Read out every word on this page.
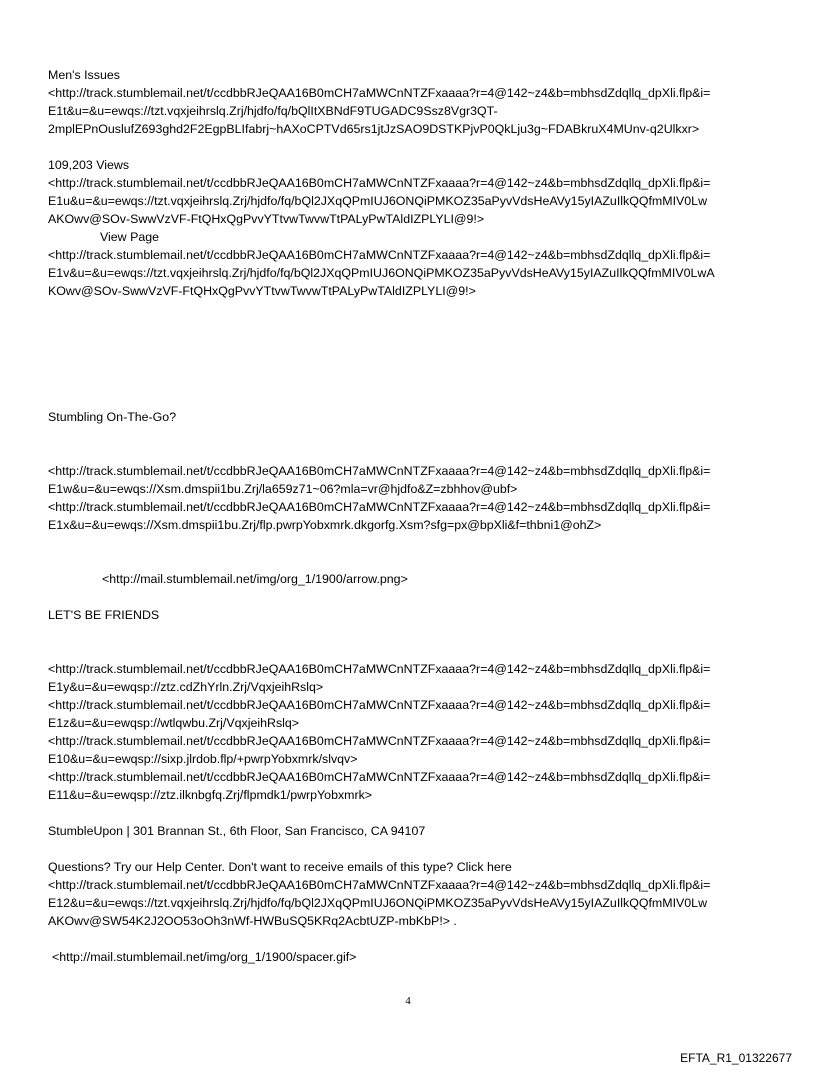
Men's Issues
<http://track.stumblemail.net/t/ccdbbRJeQAA16B0mCH7aMWCnNTZFxaaaa?r=4@142~z4&b=mbhsdZdqllq_dpXli.flp&i=
E1t&u=&u=ewqs://tzt.vqxjeihrslq.Zrj/hjdfo/fq/bQlItXBNdF9TUGADC9Ssz8Vgr3QT-
2mplEPnOuslufZ693ghd2F2EgpBLIfabrj~hAXoCPTVd65rs1jtJzSAO9DSTKPjvP0QkLju3g~FDABkruX4MUnv-q2Ulkxr>
109,203 Views
<http://track.stumblemail.net/t/ccdbbRJeQAA16B0mCH7aMWCnNTZFxaaaa?r=4@142~z4&b=mbhsdZdqllq_dpXli.flp&i=
E1u&u=&u=ewqs://tzt.vqxjeihrslq.Zrj/hjdfo/fq/bQl2JXqQPmIUJ6ONQiPMKOZ35aPyvVdsHeAVy15yIAZuIlkQQfmMIV0Lw
AKOwv@SOv-SwwVzVF-FtQHxQgPvvYTtvwTwvwTtPALyPwTAldIZPLYLI@9!>
View Page
<http://track.stumblemail.net/t/ccdbbRJeQAA16B0mCH7aMWCnNTZFxaaaa?r=4@142~z4&b=mbhsdZdqllq_dpXli.flp&i=
E1v&u=&u=ewqs://tzt.vqxjeihrslq.Zrj/hjdfo/fq/bQl2JXqQPmIUJ6ONQiPMKOZ35aPyvVdsHeAVy15yIAZuIlkQQfmMIV0LwA
KOwv@SOv-SwwVzVF-FtQHxQgPvvYTtvwTwvwTtPALyPwTAldIZPLYLI@9!>
Stumbling On-The-Go?
<http://track.stumblemail.net/t/ccdbbRJeQAA16B0mCH7aMWCnNTZFxaaaa?r=4@142~z4&b=mbhsdZdqllq_dpXli.flp&i=
E1w&u=&u=ewqs://Xsm.dmspii1bu.Zrj/la659z71~06?mla=vr@hjdfo&Z=zbhhov@ubf>
<http://track.stumblemail.net/t/ccdbbRJeQAA16B0mCH7aMWCnNTZFxaaaa?r=4@142~z4&b=mbhsdZdqllq_dpXli.flp&i=
E1x&u=&u=ewqs://Xsm.dmspii1bu.Zrj/flp.pwrpYobxmrk.dkgorfg.Xsm?sfg=px@bpXli&f=thbni1@ohZ>
<http://mail.stumblemail.net/img/org_1/1900/arrow.png>
LET'S BE FRIENDS
<http://track.stumblemail.net/t/ccdbbRJeQAA16B0mCH7aMWCnNTZFxaaaa?r=4@142~z4&b=mbhsdZdqllq_dpXli.flp&i=
E1y&u=&u=ewqsp://ztz.cdZhYrln.Zrj/VqxjeihRslq>
<http://track.stumblemail.net/t/ccdbbRJeQAA16B0mCH7aMWCnNTZFxaaaa?r=4@142~z4&b=mbhsdZdqllq_dpXli.flp&i=
E1z&u=&u=ewqsp://wtlqwbu.Zrj/VqxjeihRslq>
<http://track.stumblemail.net/t/ccdbbRJeQAA16B0mCH7aMWCnNTZFxaaaa?r=4@142~z4&b=mbhsdZdqllq_dpXli.flp&i=
E10&u=&u=ewqsp://sixp.jlrdob.flp/+pwrpYobxmrk/slvqv>
<http://track.stumblemail.net/t/ccdbbRJeQAA16B0mCH7aMWCnNTZFxaaaa?r=4@142~z4&b=mbhsdZdqllq_dpXli.flp&i=
E11&u=&u=ewqsp://ztz.ilknbgfq.Zrj/flpmdk1/pwrpYobxmrk>
StumbleUpon | 301 Brannan St., 6th Floor, San Francisco, CA 94107
Questions? Try our Help Center. Don't want to receive emails of this type? Click here
<http://track.stumblemail.net/t/ccdbbRJeQAA16B0mCH7aMWCnNTZFxaaaa?r=4@142~z4&b=mbhsdZdqllq_dpXli.flp&i=
E12&u=&u=ewqs://tzt.vqxjeihrslq.Zrj/hjdfo/fq/bQl2JXqQPmIUJ6ONQiPMKOZ35aPyvVdsHeAVy15yIAZuIlkQQfmMIV0Lw
AKOwv@SW54K2J2OO53oOh3nWf-HWBuSQ5KRq2AcbtUZP-mbKbP!> .
<http://mail.stumblemail.net/img/org_1/1900/spacer.gif>
4
EFTA_R1_01322677
